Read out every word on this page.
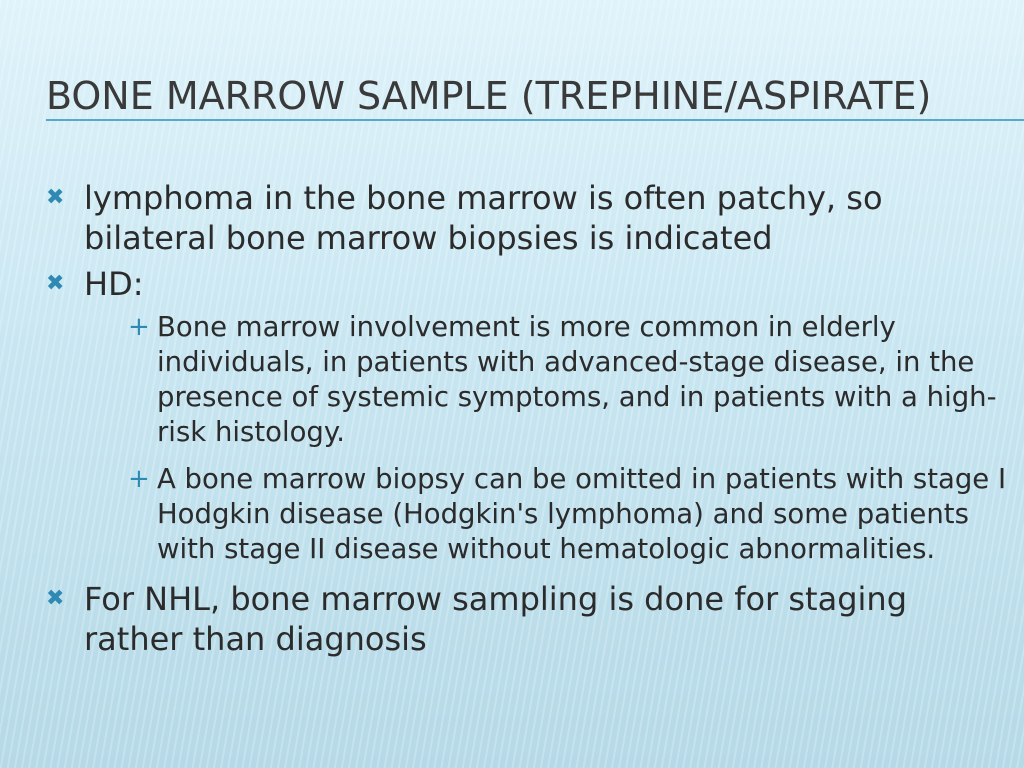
BONE MARROW SAMPLE (TREPHINE/ASPIRATE)
✖ lymphoma in the bone marrow is often patchy, so bilateral bone marrow biopsies is indicated
✖ HD:
+ Bone marrow involvement is more common in elderly individuals, in patients with advanced-stage disease, in the presence of systemic symptoms, and in patients with a high-risk histology.
+ A bone marrow biopsy can be omitted in patients with stage I Hodgkin disease (Hodgkin's lymphoma) and some patients with stage II disease without hematologic abnormalities.
✖ For NHL, bone marrow sampling is done for staging rather than diagnosis
